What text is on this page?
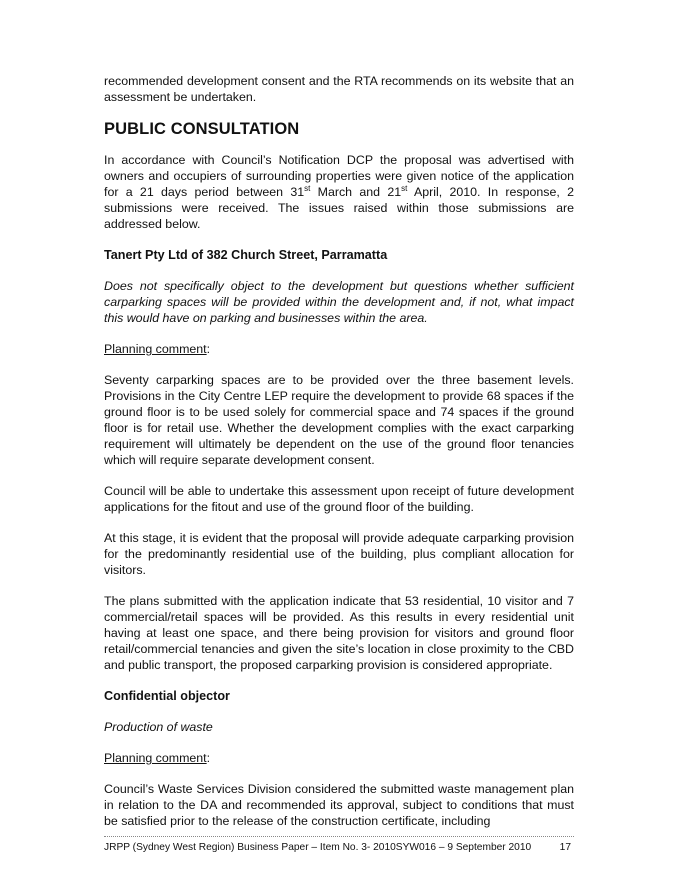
recommended development consent and the RTA recommends on its website that an assessment be undertaken.

PUBLIC CONSULTATION

In accordance with Council’s Notification DCP the proposal was advertised with owners and occupiers of surrounding properties were given notice of the application for a 21 days period between 31st March and 21st April, 2010. In response, 2 submissions were received. The issues raised within those submissions are addressed below.

Tanert Pty Ltd of 382 Church Street, Parramatta

Does not specifically object to the development but questions whether sufficient carparking spaces will be provided within the development and, if not, what impact this would have on parking and businesses within the area.

Planning comment:

Seventy carparking spaces are to be provided over the three basement levels. Provisions in the City Centre LEP require the development to provide 68 spaces if the ground floor is to be used solely for commercial space and 74 spaces if the ground floor is for retail use. Whether the development complies with the exact carparking requirement will ultimately be dependent on the use of the ground floor tenancies which will require separate development consent.

Council will be able to undertake this assessment upon receipt of future development applications for the fitout and use of the ground floor of the building.

At this stage, it is evident that the proposal will provide adequate carparking provision for the predominantly residential use of the building, plus compliant allocation for visitors.

The plans submitted with the application indicate that 53 residential, 10 visitor and 7 commercial/retail spaces will be provided. As this results in every residential unit having at least one space, and there being provision for visitors and ground floor retail/commercial tenancies and given the site’s location in close proximity to the CBD and public transport, the proposed carparking provision is considered appropriate.

Confidential objector

Production of waste

Planning comment:

Council’s Waste Services Division considered the submitted waste management plan in relation to the DA and recommended its approval, subject to conditions that must be satisfied prior to the release of the construction certificate, including

JRPP (Sydney West Region) Business Paper – Item No. 3- 2010SYW016 – 9 September 2010	17
